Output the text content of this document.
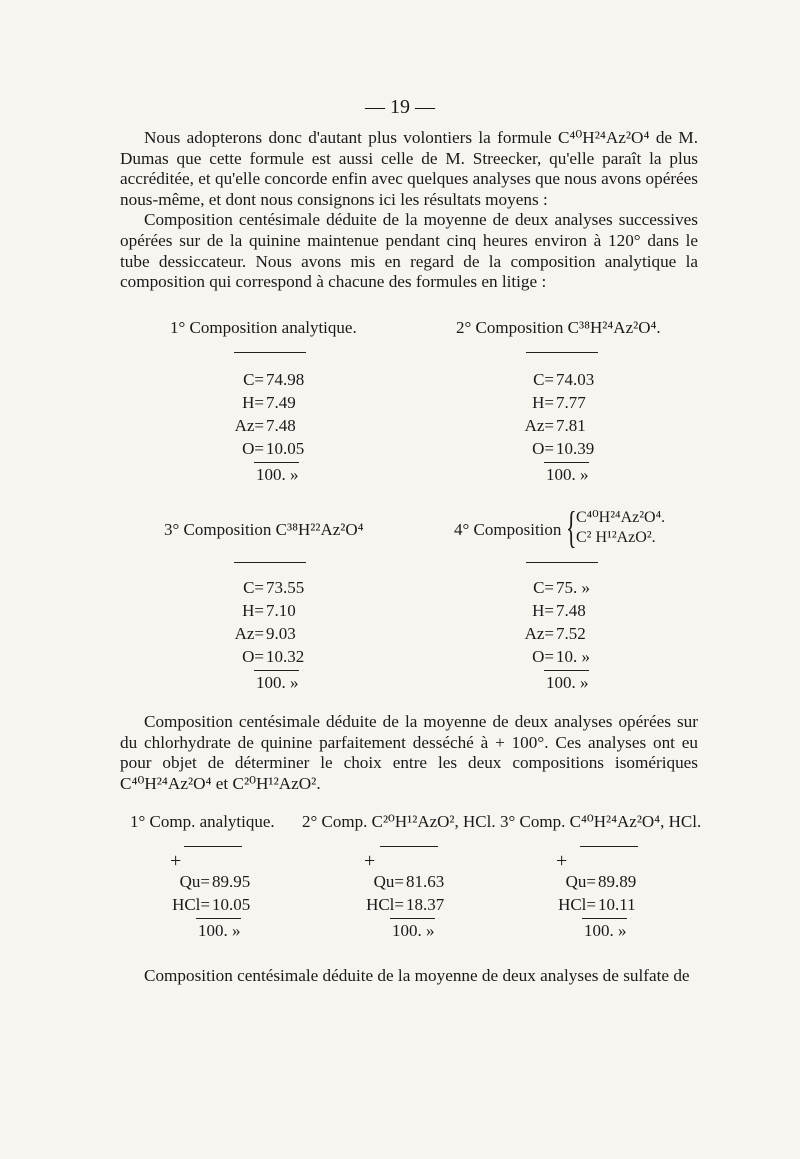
— 19 —

Nous adopterons donc d'autant plus volontiers la formule C⁴⁰H²⁴Az²O⁴ de M. Dumas que cette formule est aussi celle de M. Streecker, qu'elle paraît la plus accréditée, et qu'elle concorde enfin avec quelques analyses que nous avons opérées nous-même, et dont nous consignons ici les résultats moyens :

Composition centésimale déduite de la moyenne de deux analyses successives opérées sur de la quinine maintenue pendant cinq heures environ à 120° dans le tube dessiccateur. Nous avons mis en regard de la composition analytique la composition qui correspond à chacune des formules en litige :

1° Composition analytique.	2° Composition C³⁸H²⁴Az²O⁴.
C= 74.98
H= 7.49
Az= 7.48
O= 10.05
100. »
C= 74.03
H= 7.77
Az= 7.81
O= 10.39
100. »
3° Composition C³⁸H²²Az²O⁴	4° Composition { C⁴⁰H²⁴Az²O⁴.
C² H¹²AzO².
C= 73.55
H= 7.10
Az= 9.03
O= 10.32
100. »
C= 75. »
H= 7.48
Az= 7.52
O= 10. »
100. »

Composition centésimale déduite de la moyenne de deux analyses opérées sur du chlorhydrate de quinine parfaitement desséché à + 100°. Ces analyses ont eu pour objet de déterminer le choix entre les deux compositions isomériques C⁴⁰H²⁴Az²O⁴ et C²⁰H¹²AzO².

1° Comp. analytique. 2° Comp. C²⁰H¹²AzO², HCl. 3° Comp. C⁴⁰H²⁴Az²O⁴, HCl.
+	+	+
Qu= 89.95
HCl= 10.05
100. »
Qu= 81.63
HCl= 18.37
100. »
Qu= 89.89
HCl= 10.11
100. »

Composition centésimale déduite de la moyenne de deux analyses de sulfate de
